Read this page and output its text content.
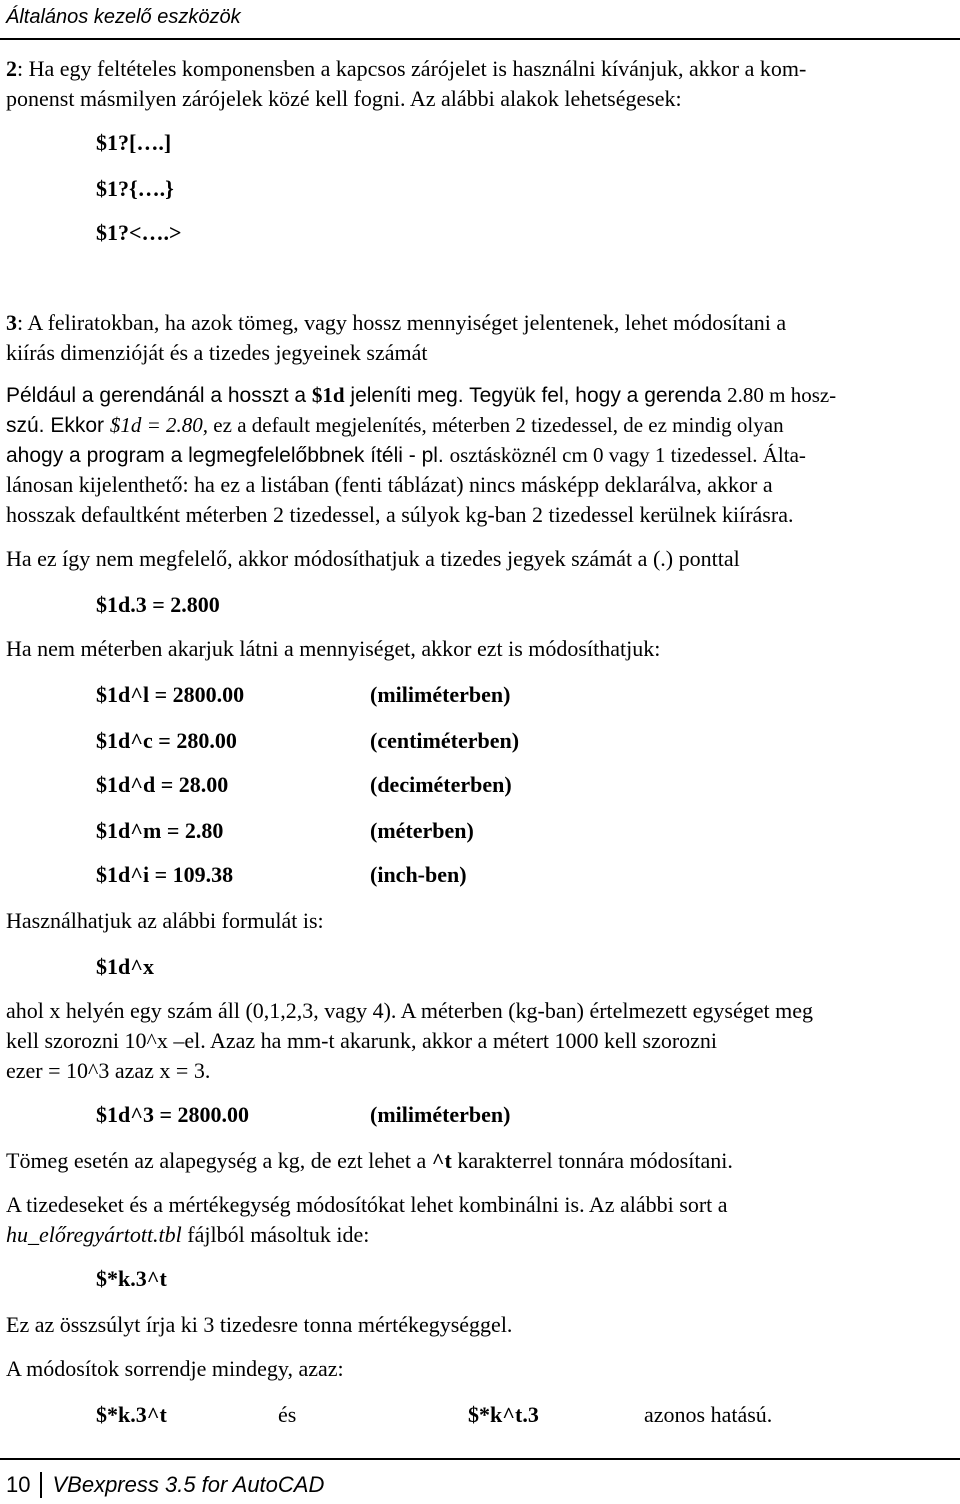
Általános kezelő eszközök
2: Ha egy feltételes komponensben a kapcsos zárójelet is használni kívánjuk, akkor a kom-
ponenst másmilyen zárójelek közé kell fogni. Az alábbi alakok lehetségesek:
$1?[….]
$1?{….}
$1?<….>
3: A feliratokban, ha azok tömeg, vagy hossz mennyiséget jelentenek, lehet módosítani a
kiírás dimenzióját és a tizedes jegyeinek számát
Például a gerendánál a hosszt a $1d jeleníti meg. Tegyük fel, hogy a gerenda 2.80 m hosz-
szú. Ekkor $1d = 2.80, ez a default megjelenítés, méterben 2 tizedessel, de ez mindig olyan
ahogy a program a legmegfelelőbbnek ítéli - pl. osztásköznél cm 0 vagy 1 tizedessel. Álta-
lánosan kijelenthető: ha ez a listában (fenti táblázat) nincs másképp deklarálva, akkor a
hosszak defaultként méterben 2 tizedessel, a súlyok kg-ban 2 tizedessel kerülnek kiírásra.
Ha ez így nem megfelelő, akkor módosíthatjuk a tizedes jegyek számát a (.) ponttal
$1d.3 = 2.800
Ha nem méterben akarjuk látni a mennyiséget, akkor ezt is módosíthatjuk:
$1d^l = 2800.00	(miliméterben)
$1d^c = 280.00	(centiméterben)
$1d^d = 28.00	(deciméterben)
$1d^m = 2.80	(méterben)
$1d^i = 109.38	(inch-ben)
Használhatjuk az alábbi formulát is:
$1d^x
ahol x helyén egy szám áll (0,1,2,3, vagy 4). A méterben (kg-ban) értelmezett egységet meg
kell szorozni 10^x –el. Azaz ha mm-t akarunk, akkor a métert 1000 kell szorozni
ezer = 10^3 azaz x = 3.
$1d^3 = 2800.00	(miliméterben)
Tömeg esetén az alapegység a kg, de ezt lehet a ^t karakterrel tonnára módosítani.
A tizedeseket és a mértékegység módosítókat lehet kombinálni is. Az alábbi sort a
hu_előregyártott.tbl fájlból másoltuk ide:
$*k.3^t
Ez az összsúlyt írja ki 3 tizedesre tonna mértékegységgel.
A módosítok sorrendje mindegy, azaz:
$*k.3^t	és	$*k^t.3	azonos hatású.
10 VBexpress 3.5 for AutoCAD
